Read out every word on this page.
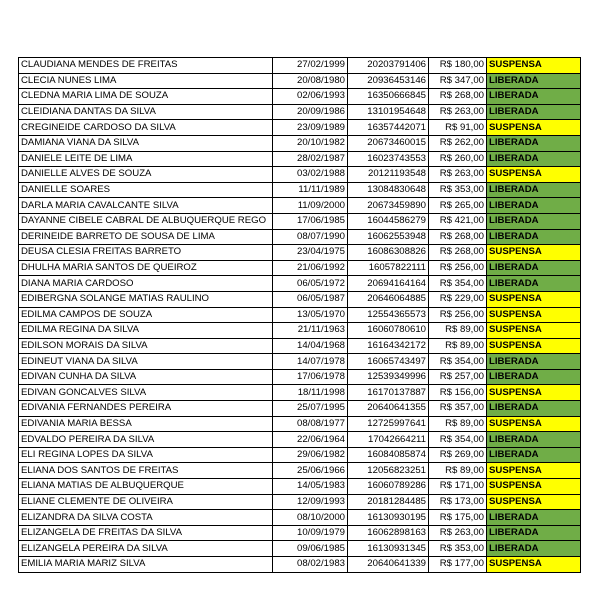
CLAUDIANA MENDES DE FREITAS	27/02/1999	20203791406	R$ 180,00	SUSPENSA
CLECIA NUNES LIMA	20/08/1980	20936453146	R$ 347,00	LIBERADA
CLEDNA MARIA LIMA DE SOUZA	02/06/1993	16350666845	R$ 268,00	LIBERADA
CLEIDIANA DANTAS DA SILVA	20/09/1986	13101954648	R$ 263,00	LIBERADA
CREGINEIDE CARDOSO DA SILVA	23/09/1989	16357442071	R$ 91,00	SUSPENSA
DAMIANA VIANA DA SILVA	20/10/1982	20673460015	R$ 262,00	LIBERADA
DANIELE LEITE DE LIMA	28/02/1987	16023743553	R$ 260,00	LIBERADA
DANIELLE ALVES DE SOUZA	03/02/1988	20121193548	R$ 263,00	SUSPENSA
DANIELLE SOARES	11/11/1989	13084830648	R$ 353,00	LIBERADA
DARLA MARIA CAVALCANTE SILVA	11/09/2000	20673459890	R$ 265,00	LIBERADA
DAYANNE CIBELE CABRAL DE ALBUQUERQUE REGO	17/06/1985	16044586279	R$ 421,00	LIBERADA
DERINEIDE BARRETO DE SOUSA DE LIMA	08/07/1990	16062553948	R$ 268,00	LIBERADA
DEUSA CLESIA FREITAS BARRETO	23/04/1975	16086308826	R$ 268,00	SUSPENSA
DHULHA MARIA SANTOS DE QUEIROZ	21/06/1992	16057822111	R$ 256,00	LIBERADA
DIANA MARIA CARDOSO	06/05/1972	20694164164	R$ 354,00	LIBERADA
EDIBERGNA SOLANGE MATIAS RAULINO	06/05/1987	20646064885	R$ 229,00	SUSPENSA
EDILMA CAMPOS DE SOUZA	13/05/1970	12554365573	R$ 256,00	SUSPENSA
EDILMA REGINA DA SILVA	21/11/1963	16060780610	R$ 89,00	SUSPENSA
EDILSON MORAIS DA SILVA	14/04/1968	16164342172	R$ 89,00	SUSPENSA
EDINEUT VIANA DA SILVA	14/07/1978	16065743497	R$ 354,00	LIBERADA
EDIVAN CUNHA DA SILVA	17/06/1978	12539349996	R$ 257,00	LIBERADA
EDIVAN GONCALVES SILVA	18/11/1998	16170137887	R$ 156,00	SUSPENSA
EDIVANIA FERNANDES PEREIRA	25/07/1995	20640641355	R$ 357,00	LIBERADA
EDIVANIA MARIA BESSA	08/08/1977	12725997641	R$ 89,00	SUSPENSA
EDVALDO PEREIRA DA SILVA	22/06/1964	17042664211	R$ 354,00	LIBERADA
ELI REGINA LOPES DA SILVA	29/06/1982	16084085874	R$ 269,00	LIBERADA
ELIANA DOS SANTOS DE FREITAS	25/06/1966	12056823251	R$ 89,00	SUSPENSA
ELIANA MATIAS DE ALBUQUERQUE	14/05/1983	16060789286	R$ 171,00	SUSPENSA
ELIANE CLEMENTE DE OLIVEIRA	12/09/1993	20181284485	R$ 173,00	SUSPENSA
ELIZANDRA DA SILVA COSTA	08/10/2000	16130930195	R$ 175,00	LIBERADA
ELIZANGELA DE FREITAS DA SILVA	10/09/1979	16062898163	R$ 263,00	LIBERADA
ELIZANGELA PEREIRA DA SILVA	09/06/1985	16130931345	R$ 353,00	LIBERADA
EMILIA MARIA MARIZ SILVA	08/02/1983	20640641339	R$ 177,00	SUSPENSA
